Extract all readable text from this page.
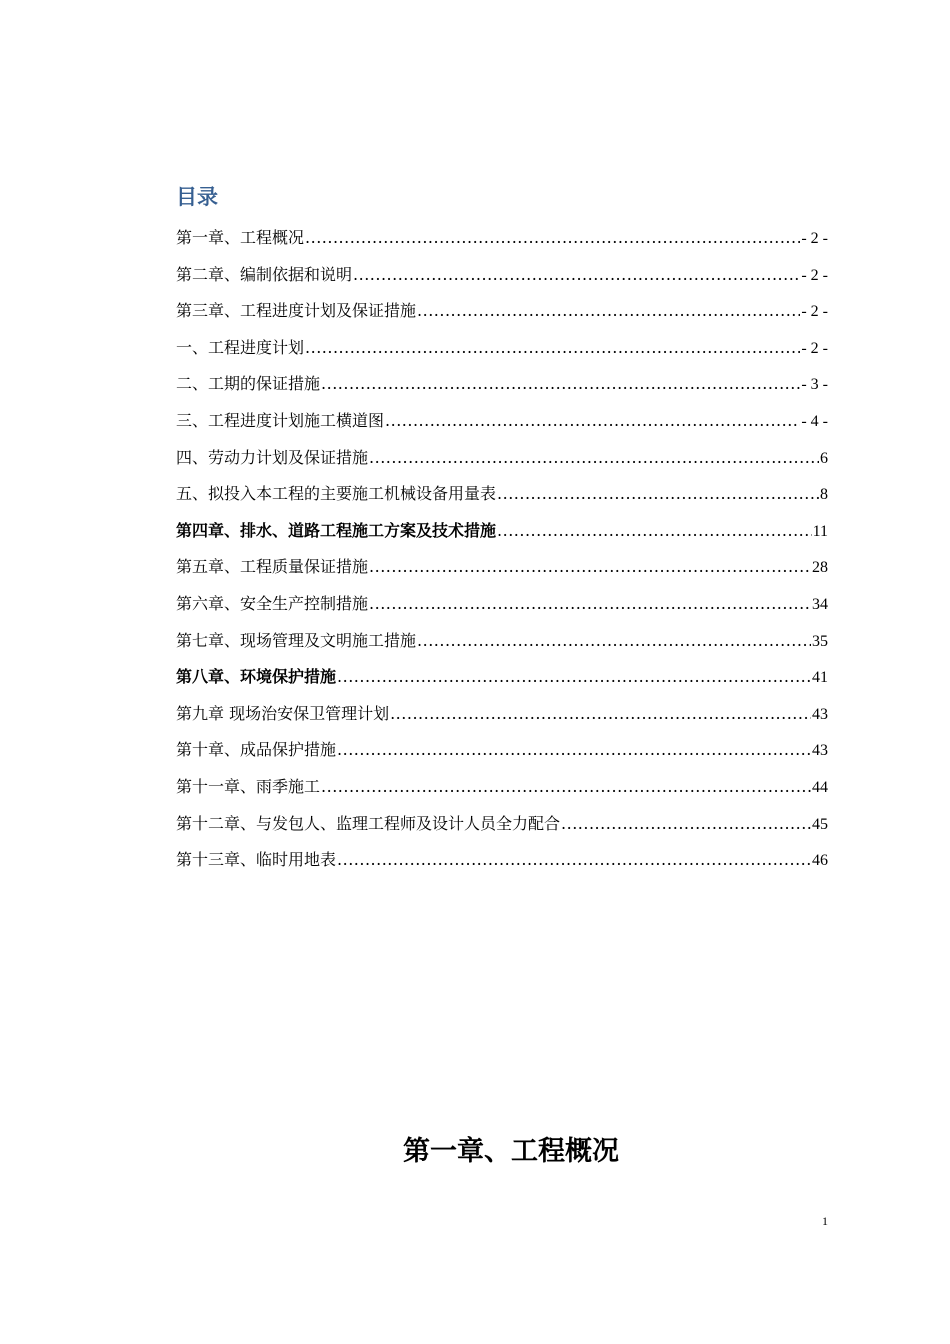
目录
第一章、工程概况 .....	- 2 -
第二章、编制依据和说明 .....	- 2 -
第三章、工程进度计划及保证措施 .....	- 2 -
一、工程进度计划 .....	- 2 -
二、工期的保证措施 .....	- 3 -
三、工程进度计划施工横道图 .....	- 4 -
四、劳动力计划及保证措施 .....	6
五、拟投入本工程的主要施工机械设备用量表 .....	8
第四章、排水、道路工程施工方案及技术措施 .....	11
第五章、工程质量保证措施 .....	28
第六章、安全生产控制措施 .....	34
第七章、现场管理及文明施工措施 .....	35
第八章、环境保护措施 .....	41
第九章 现场治安保卫管理计划 .....	43
第十章、成品保护措施 .....	43
第十一章、雨季施工 .....	44
第十二章、与发包人、监理工程师及设计人员全力配合 .....	45
第十三章、临时用地表 .....	46
第一章、工程概况
1
